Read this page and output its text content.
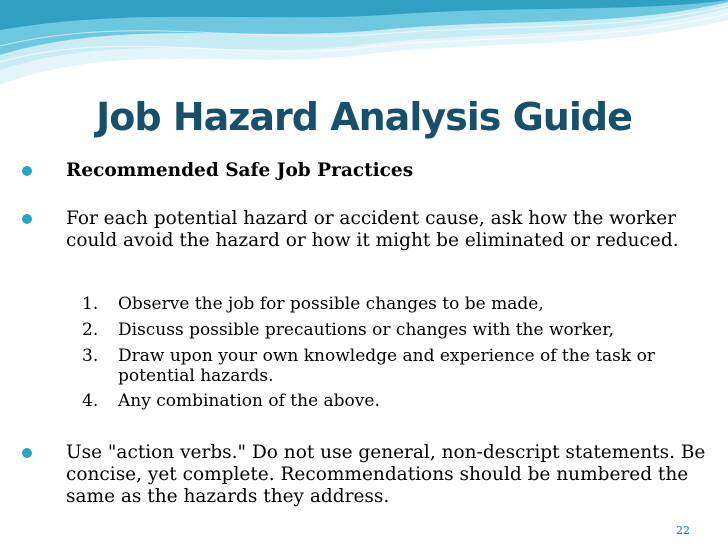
Job Hazard Analysis Guide
Recommended Safe Job Practices
For each potential hazard or accident cause, ask how the worker could avoid the hazard or how it might be eliminated or reduced.
1. Observe the job for possible changes to be made,
2. Discuss possible precautions or changes with the worker,
3. Draw upon your own knowledge and experience of the task or potential hazards.
4. Any combination of the above.
Use "action verbs." Do not use general, non-descript statements. Be concise, yet complete. Recommendations should be numbered the same as the hazards they address.
22
